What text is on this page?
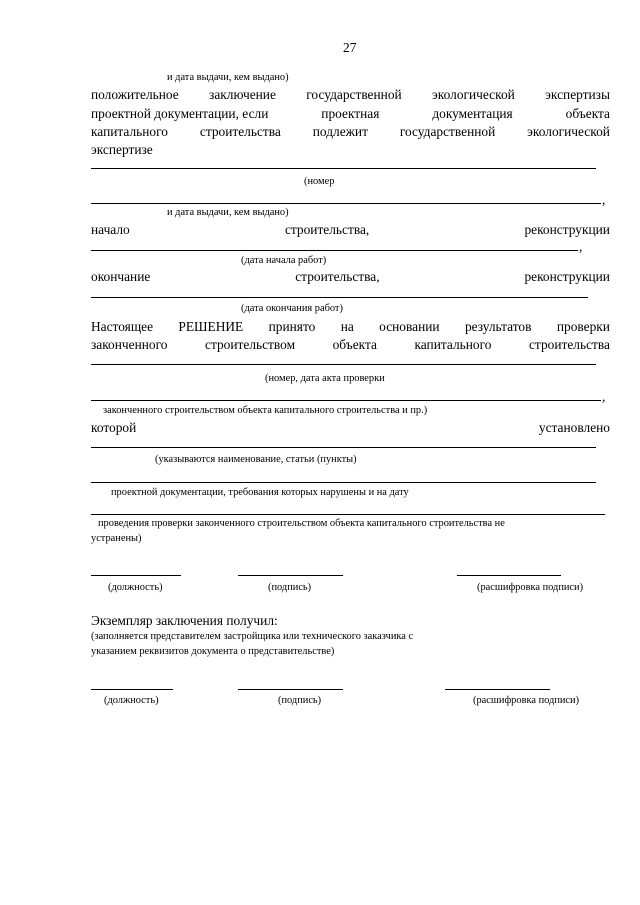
27
и дата выдачи, кем выдано)
положительное заключение государственной экологической экспертизы
проектной документации, если	проектная	документация	объекта
капитального строительства подлежит государственной экологической
экспертизе
(номер
,
и дата выдачи, кем выдано)
начало	строительства,	реконструкции
,
(дата начала работ)
окончание	строительства,	реконструкции
(дата окончания работ)
Настоящее РЕШЕНИЕ принято на основании результатов проверки
законченного	строительством	объекта	капитального	строительства
(номер, дата акта проверки
,
законченного строительством объекта капитального строительства и пр.)
которой	установлено
(указываются наименование, статьи (пункты)
проектной документации, требования которых нарушены и на дату
проведения проверки законченного строительством объекта капитального строительства не
устранены)
(должность)	(подпись)	(расшифровка подписи)
Экземпляр заключения получил:
(заполняется представителем застройщика или технического заказчика с
указанием реквизитов документа о представительстве)
(должность)	(подпись)	(расшифровка подписи)
